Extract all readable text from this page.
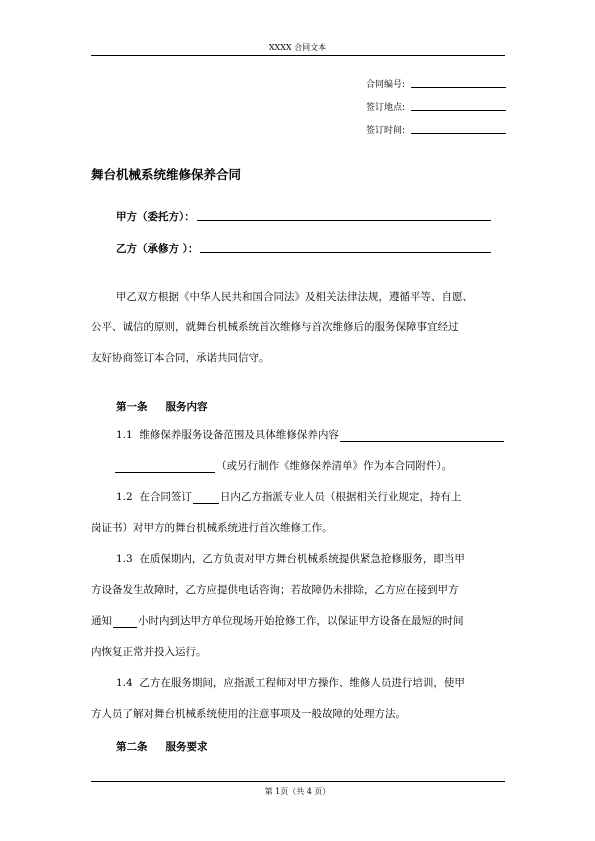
XXXX 合同文本
合同编号:
签订地点:
签订时间:
舞台机械系统维修保养合同
甲方（委托方）：
乙方（承修方 ）：
甲乙双方根据《中华人民共和国合同法》及相关法律法规，遵循平等、自愿、
公平、诚信的原则，就舞台机械系统首次维修与首次维修后的服务保障事宜经过
友好协商签订本合同，承诺共同信守。
第一条 服务内容
1.1
维修保养服务设备范围及具体维修保养内容
（或另行制作《维修保养清单》作为本合同附件）。
1.2
在合同签订	日内乙方指派专业人员（根据相关行业规定，持有上
岗证书）对甲方的舞台机械系统进行首次维修工作。
1.3
在质保期内，乙方负责对甲方舞台机械系统提供紧急抢修服务，即当甲
方设备发生故障时，乙方应提供电话咨询；若故障仍未排除，乙方应在接到甲方
通知 小时内到达甲方单位现场开始抢修工作，以保证甲方设备在最短的时间
内恢复正常并投入运行。
1.4
乙方在服务期间，应指派工程师对甲方操作、维修人员进行培训，使甲
方人员了解对舞台机械系统使用的注意事项及一般故障的处理方法。
第二条 服务要求
第 1页（共 4 页）
